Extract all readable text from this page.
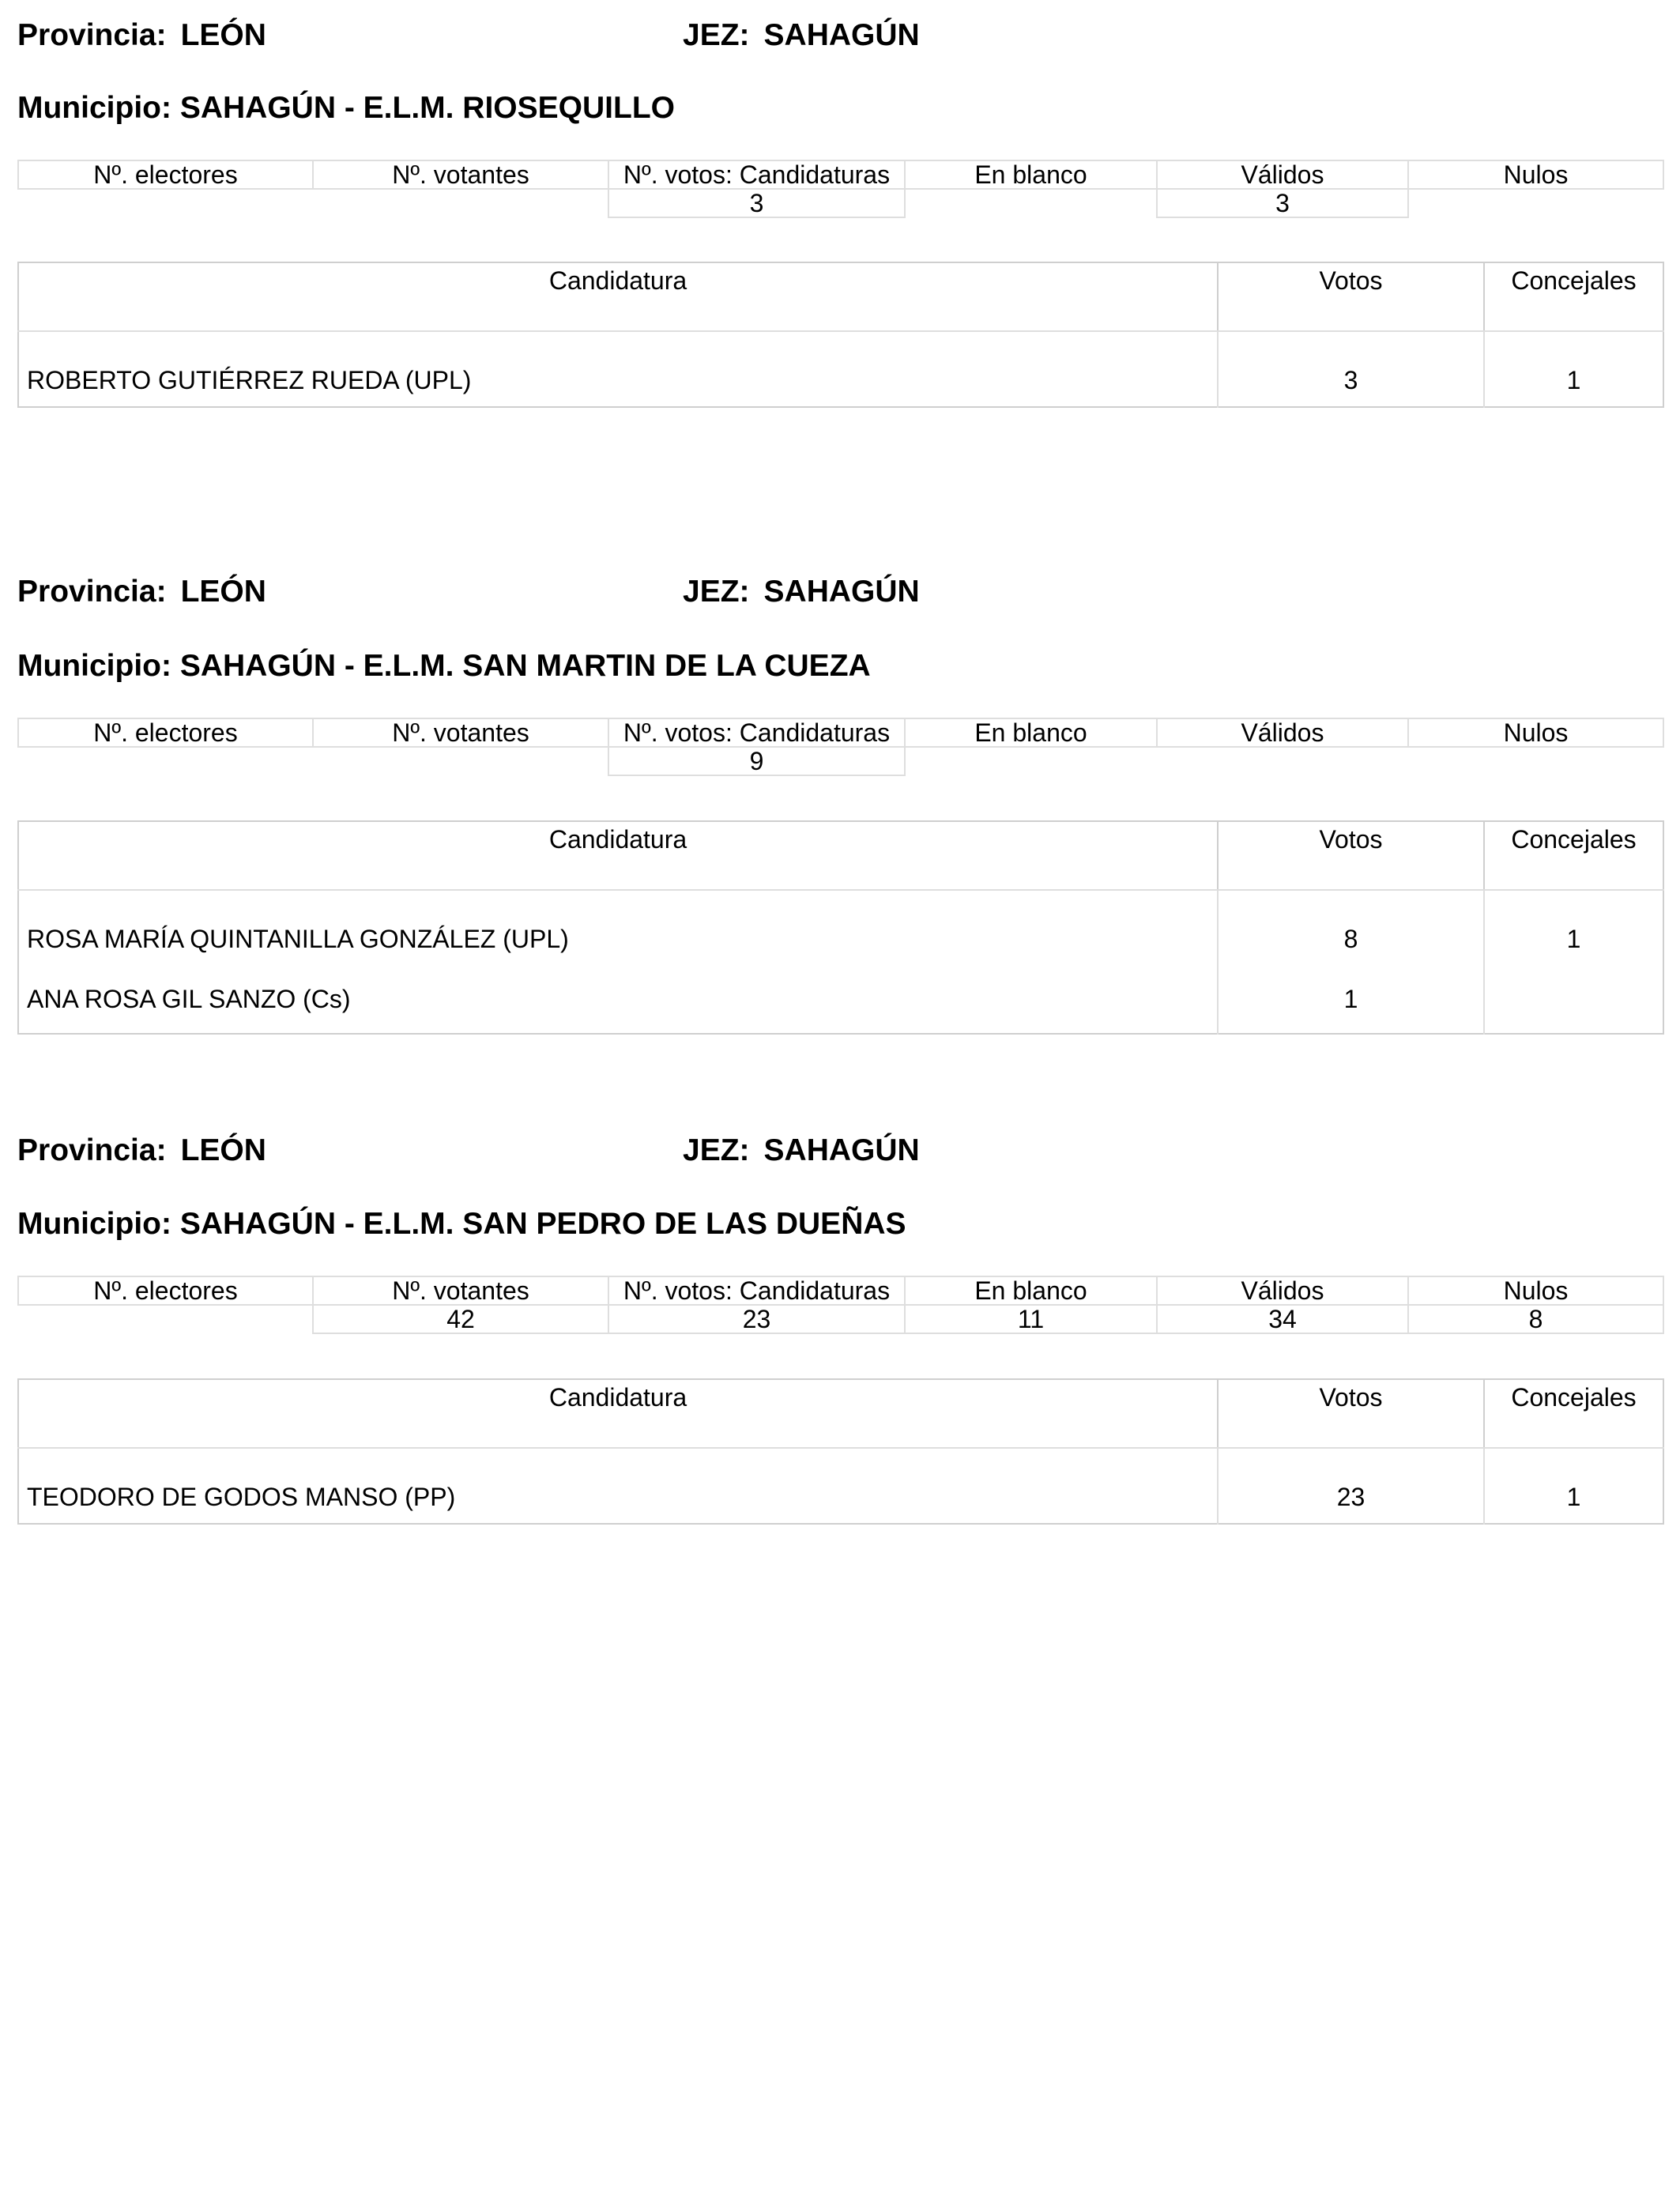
Provincia: LEÓN	JEZ: SAHAGÚN
Municipio: SAHAGÚN - E.L.M. RIOSEQUILLO
Nº. electores	Nº. votantes	Nº. votos: Candidaturas	En blanco	Válidos	Nulos
		3		3	
Candidatura	Votos	Concejales
ROBERTO GUTIÉRREZ RUEDA (UPL)	3	1
Provincia: LEÓN	JEZ: SAHAGÚN
Municipio: SAHAGÚN - E.L.M. SAN MARTIN DE LA CUEZA
Nº. electores	Nº. votantes	Nº. votos: Candidaturas	En blanco	Válidos	Nulos
		9			
Candidatura	Votos	Concejales
ROSA MARÍA QUINTANILLA GONZÁLEZ (UPL)	8	1
ANA ROSA GIL SANZO (Cs)	1	
Provincia: LEÓN	JEZ: SAHAGÚN
Municipio: SAHAGÚN - E.L.M. SAN PEDRO DE LAS DUEÑAS
Nº. electores	Nº. votantes	Nº. votos: Candidaturas	En blanco	Válidos	Nulos
	42	23	11	34	8
Candidatura	Votos	Concejales
TEODORO DE GODOS MANSO (PP)	23	1
